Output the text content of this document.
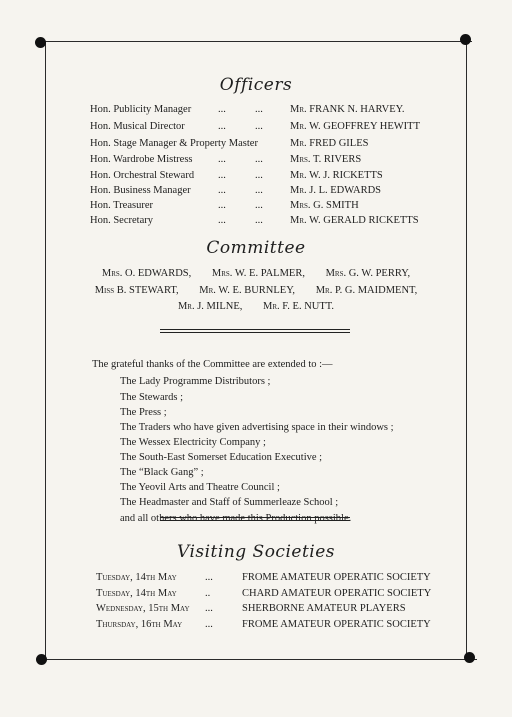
Officers
Hon. Publicity Manager	...	...	Mr. FRANK N. HARVEY.
Hon. Musical Director	...	...	Mr. W. GEOFFREY HEWITT
Hon. Stage Manager & Property Master	Mr. FRED GILES
Hon. Wardrobe Mistress ...	...	Mrs. T. RIVERS
Hon. Orchestral Steward ...	...	Mr. W. J. RICKETTS
Hon. Business Manager	...	...	Mr. J. L. EDWARDS
Hon. Treasurer	...	...	Mrs. G. SMITH
Hon. Secretary	...	...	Mr. W. GERALD RICKETTS
Committee
Mrs. O. EDWARDS, Mrs. W. E. PALMER, Mrs. G. W. PERRY,
Miss B. STEWART, Mr. W. E. BURNLEY, Mr. P. G. MAIDMENT,
Mr. J. MILNE, Mr. F. E. NUTT.
The grateful thanks of the Committee are extended to :—
The Lady Programme Distributors ;
The Stewards ;
The Press ;
The Traders who have given advertising space in their windows ;
The Wessex Electricity Company ;
The South-East Somerset Education Executive ;
The “Black Gang” ;
The Yeovil Arts and Theatre Council ;
The Headmaster and Staff of Summerleaze School ;
and all others who have made this Production possible.
Visiting Societies
Tuesday, 14th May	...	FROME AMATEUR OPERATIC SOCIETY
Tuesday, 14th May	..	CHARD AMATEUR OPERATIC SOCIETY
Wednesday, 15th May ...	SHERBORNE AMATEUR PLAYERS
Thursday, 16th May ...	FROME AMATEUR OPERATIC SOCIETY
